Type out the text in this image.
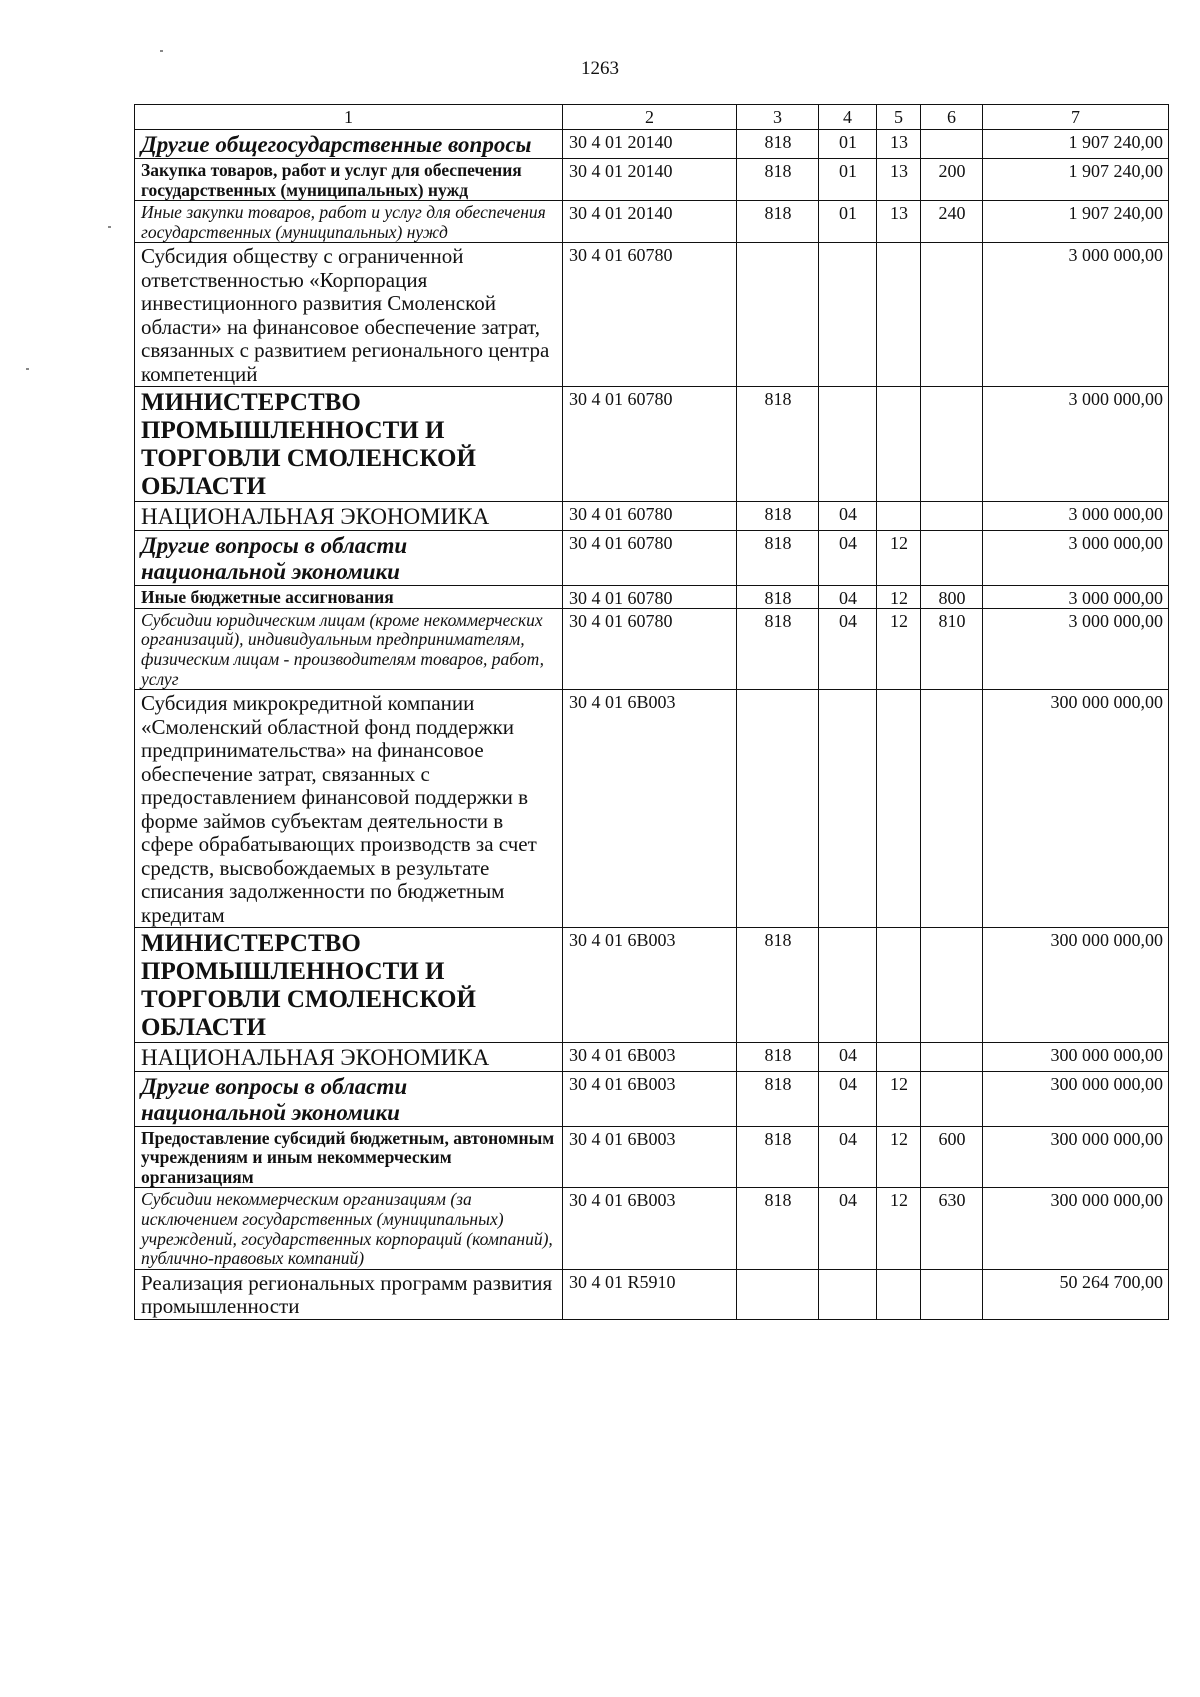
1263
1	2	3	4	5	6	7
Другие общегосударственные вопросы	30 4 01 20140	818	01	13		1 907 240,00
Закупка товаров, работ и услуг для обеспечения государственных (муниципальных) нужд	30 4 01 20140	818	01	13	200	1 907 240,00
Иные закупки товаров, работ и услуг для обеспечения государственных (муниципальных) нужд	30 4 01 20140	818	01	13	240	1 907 240,00
Субсидия обществу с ограниченной ответственностью «Корпорация инвестиционного развития Смоленской области» на финансовое обеспечение затрат, связанных с развитием регионального центра компетенций	30 4 01 60780					3 000 000,00
МИНИСТЕРСТВО ПРОМЫШЛЕННОСТИ И ТОРГОВЛИ СМОЛЕНСКОЙ ОБЛАСТИ	30 4 01 60780	818				3 000 000,00
НАЦИОНАЛЬНАЯ ЭКОНОМИКА	30 4 01 60780	818	04			3 000 000,00
Другие вопросы в области национальной экономики	30 4 01 60780	818	04	12		3 000 000,00
Иные бюджетные ассигнования	30 4 01 60780	818	04	12	800	3 000 000,00
Субсидии юридическим лицам (кроме некоммерческих организаций), индивидуальным предпринимателям, физическим лицам - производителям товаров, работ, услуг	30 4 01 60780	818	04	12	810	3 000 000,00
Субсидия микрокредитной компании «Смоленский областной фонд поддержки предпринимательства» на финансовое обеспечение затрат, связанных с предоставлением финансовой поддержки в форме займов субъектам деятельности в сфере обрабатывающих производств за счет средств, высвобождаемых в результате списания задолженности по бюджетным кредитам	30 4 01 6В003					300 000 000,00
МИНИСТЕРСТВО ПРОМЫШЛЕННОСТИ И ТОРГОВЛИ СМОЛЕНСКОЙ ОБЛАСТИ	30 4 01 6В003	818				300 000 000,00
НАЦИОНАЛЬНАЯ ЭКОНОМИКА	30 4 01 6В003	818	04			300 000 000,00
Другие вопросы в области национальной экономики	30 4 01 6В003	818	04	12		300 000 000,00
Предоставление субсидий бюджетным, автономным учреждениям и иным некоммерческим организациям	30 4 01 6В003	818	04	12	600	300 000 000,00
Субсидии некоммерческим организациям (за исключением государственных (муниципальных) учреждений, государственных корпораций (компаний), публично-правовых компаний)	30 4 01 6В003	818	04	12	630	300 000 000,00
Реализация региональных программ развития промышленности	30 4 01 R5910					50 264 700,00
